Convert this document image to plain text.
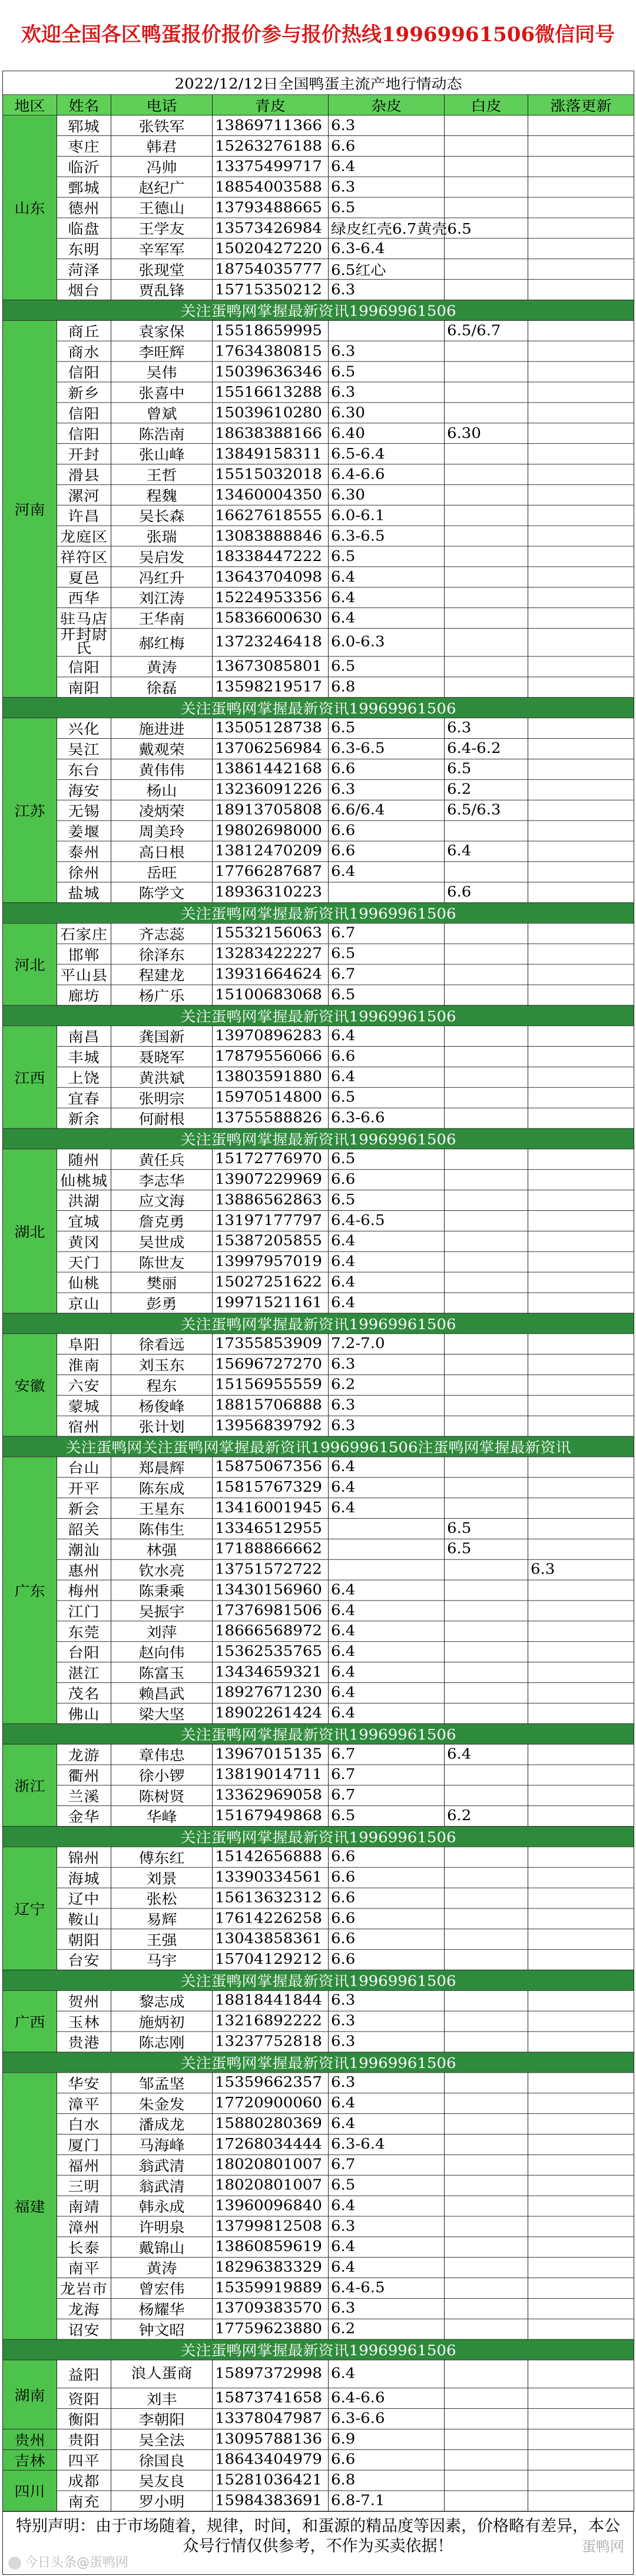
欢迎全国各区鸭蛋报价报价参与报价热线19969961506微信同号
2022/12/12日全国鸭蛋主流产地行情动态							
地区	姓名	电话	青皮	杂皮	白皮	涨落更新	
山东	郓城	张铁军	13869711366	6.3			
	枣庄	韩君	15263276188	6.6			
	临沂	冯帅	13375499717	6.4			
	鄄城	赵纪广	18854003588	6.3			
	德州	王德山	13793488665	6.5			
	临盘	王学友	13573426984	绿皮红壳6.7黄壳6.5			
	东明	辛军军	15020427220	6.3-6.4			
	菏泽	张现堂	18754035777	6.5红心			
	烟台	贾乱锋	15715350212	6.3			
关注蛋鸭网掌握最新资讯19969961506							
河南	商丘	袁家保	15518659995		6.5/6.7		
	商水	李旺辉	17634380815	6.3			
	信阳	吴伟	15039636346	6.5			
	新乡	张喜中	15516613288	6.3			
	信阳	曾斌	15039610280	6.30			
	信阳	陈浩南	18638388166	6.40	6.30		
	开封	张山峰	13849158311	6.5-6.4			
	滑县	王哲	15515032018	6.4-6.6			
	漯河	程魏	13460004350	6.30			
	许昌	吴长森	16627618555	6.0-6.1			
	龙庭区	张瑞	13083888846	6.3-6.5			
	祥符区	吴启发	18338447222	6.5			
	夏邑	冯红升	13643704098	6.4			
	西华	刘江涛	15224953356	6.4			
	驻马店	王华南	15836600630	6.4			
	开封尉氏	郝红梅	13723246418	6.0-6.3			
	信阳	黄涛	13673085801	6.5			
	南阳	徐磊	13598219517	6.8			
关注蛋鸭网掌握最新资讯19969961506							
江苏	兴化	施进进	13505128738	6.5	6.3		
	吴江	戴观荣	13706256984	6.3-6.5	6.4-6.2		
	东台	黄伟伟	13861442168	6.6	6.5		
	海安	杨山	13236091226	6.3	6.2		
	无锡	凌炳荣	18913705808	6.6/6.4	6.5/6.3		
	姜堰	周美玲	19802698000	6.6			
	泰州	高日根	13812470209	6.6	6.4		
	徐州	岳旺	17766287687	6.4			
	盐城	陈学文	18936310223		6.6		
关注蛋鸭网掌握最新资讯19969961506							
河北	石家庄	齐志蕊	15532156063	6.7			
	邯郸	徐泽东	13283422227	6.5			
	平山县	程建龙	13931664624	6.7			
	廊坊	杨广乐	15100683068	6.5			
关注蛋鸭网掌握最新资讯19969961506							
江西	南昌	龚国新	13970896283	6.4			
	丰城	聂晓军	17879556066	6.6			
	上饶	黄洪斌	13803591880	6.4			
	宜春	张明宗	15970514800	6.5			
	新余	何耐根	13755588826	6.3-6.6			
关注蛋鸭网掌握最新资讯19969961506							
湖北	随州	黄任兵	15172776970	6.5			
	仙桃城	李志华	13907229969	6.6			
	洪湖	应文海	13886562863	6.5			
	宜城	詹克勇	13197177797	6.4-6.5			
	黄冈	吴世成	15387205855	6.4			
	天门	陈世友	13997957019	6.4			
	仙桃	樊丽	15027251622	6.4			
	京山	彭勇	19971521161	6.4			
关注蛋鸭网掌握最新资讯19969961506							
安徽	阜阳	徐看远	17355853909	7.2-7.0			
	淮南	刘玉东	15696727270	6.3			
	六安	程东	15156955559	6.2			
	蒙城	杨俊峰	18815706888	6.3			
	宿州	张计划	13956839792	6.3			
关注蛋鸭网关注蛋鸭网掌握最新资讯19969961506注蛋鸭网掌握最新资讯							
广东	台山	郑晨辉	15875067356	6.4			
	开平	陈东成	15815767329	6.4			
	新会	王星东	13416001945	6.4			
	韶关	陈伟生	13346512955		6.5		
	潮汕	林强	17188866662		6.5		
	惠州	钦水亮	13751572722			6.3	
	梅州	陈秉乘	13430156960	6.4			
	江门	吴振宇	17376981506	6.4			
	东莞	刘萍	18666568972	6.4			
	台阳	赵向伟	15362535765	6.4			
	湛江	陈富玉	13434659321	6.4			
	茂名	赖昌武	18927671230	6.4			
	佛山	梁大坚	18902261424	6.4			
关注蛋鸭网掌握最新资讯19969961506							
浙江	龙游	章伟忠	13967015135	6.7	6.4		
	衢州	徐小锣	13819014711	6.7			
	兰溪	陈树贤	13362969058	6.7			
	金华	华峰	15167949868	6.5	6.2		
关注蛋鸭网掌握最新资讯19969961506							
辽宁	锦州	傅东红	15142656888	6.6			
	海城	刘景	13390334561	6.6			
	辽中	张松	15613632312	6.6			
	鞍山	易辉	17614226258	6.6			
	朝阳	王强	13043858361	6.6			
	台安	马宇	15704129212	6.6			
关注蛋鸭网掌握最新资讯19969961506							
广西	贺州	黎志成	18818441844	6.3			
	玉林	施炳初	13216892222	6.3			
	贵港	陈志刚	13237752818	6.3			
关注蛋鸭网掌握最新资讯19969961506							
福建	华安	邹孟坚	15359662357	6.3			
	漳平	朱金发	17720900060	6.4			
	白水	潘成龙	15880280369	6.4			
	厦门	马海峰	17268034444	6.3-6.4			
	福州	翁武清	18020801007	6.7			
	三明	翁武清	18020801007	6.5			
	南靖	韩永成	13960096840	6.4			
	漳州	许明泉	13799812508	6.3			
	长泰	戴锦山	13860859619	6.4			
	南平	黄涛	18296383329	6.4			
	龙岩市	曾宏伟	15359919889	6.4-6.5			
	龙海	杨耀华	13709383570	6.3			
	诏安	钟文昭	17759623880	6.2			
关注蛋鸭网掌握最新资讯19969961506							
湖南	益阳	浪人蛋商	15897372998	6.4			
	资阳	刘丰	15873741658	6.4-6.6			
	衡阳	李朝阳	13378047987	6.3-6.6			
贵州	贵阳	吴全法	13095788136	6.9			
吉林	四平	徐国良	18643404979	6.6			
四川	成都	吴友良	15281036421	6.8			
	南充	罗小明	15984383691	6.8-7.1			
特别声明：由于市场随着，规律，时间，和蛋源的精品度等因素，价格略有差异，本公众号行情仅供参考，不作为买卖依据！
今日头条@蛋鸭网
蛋鸭网
